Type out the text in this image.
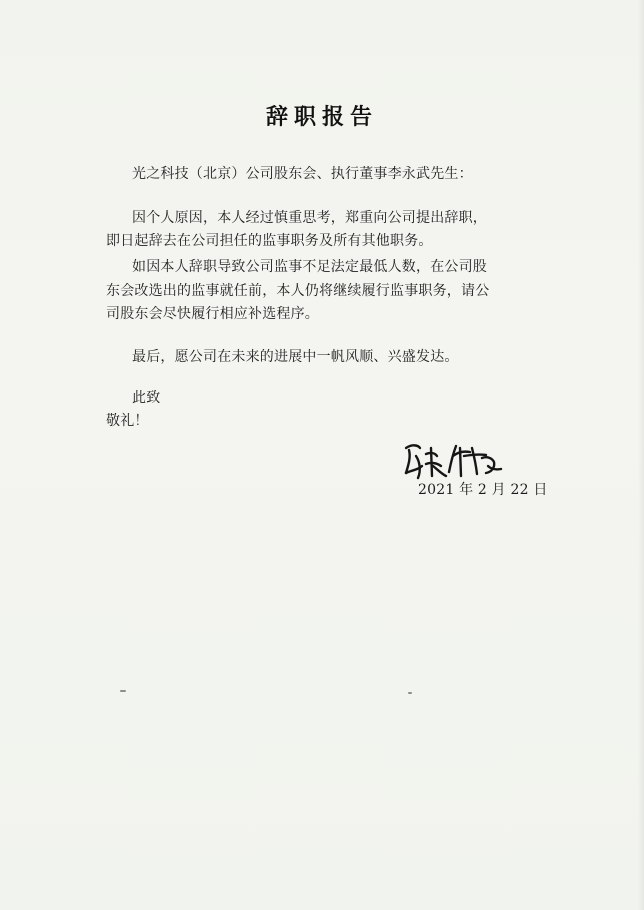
辞职报告
光之科技（北京）公司股东会、执行董事李永武先生：
因个人原因，本人经过慎重思考，郑重向公司提出辞职，
即日起辞去在公司担任的监事职务及所有其他职务。
如因本人辞职导致公司监事不足法定最低人数，在公司股
东会改选出的监事就任前，本人仍将继续履行监事职务，请公
司股东会尽快履行相应补选程序。
最后，愿公司在未来的进展中一帆风顺、兴盛发达。
此致
敬礼！
2021 年 2 月 22 日
